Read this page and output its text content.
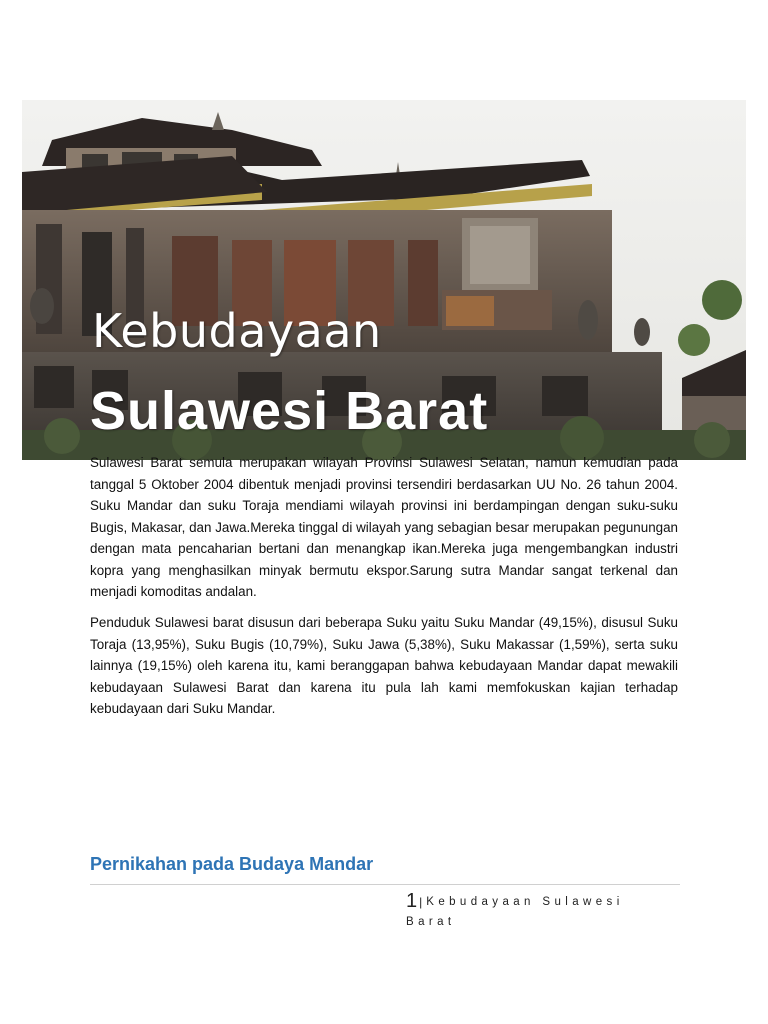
Kebudayaan
Sulawesi Barat

Sulawesi Barat semula merupakan wilayah Provinsi Sulawesi Selatan, namun kemudian pada tanggal 5 Oktober 2004 dibentuk menjadi provinsi tersendiri berdasarkan UU No. 26 tahun 2004. Suku Mandar dan suku Toraja mendiami wilayah provinsi ini berdampingan dengan suku-suku Bugis, Makasar, dan Jawa.Mereka tinggal di wilayah yang sebagian besar merupakan pegunungan dengan mata pencaharian bertani dan menangkap ikan.Mereka juga mengembangkan industri kopra yang menghasilkan minyak bermutu ekspor.Sarung sutra Mandar sangat terkenal dan menjadi komoditas andalan.

Penduduk Sulawesi barat disusun dari beberapa Suku yaitu Suku Mandar (49,15%), disusul Suku Toraja (13,95%), Suku Bugis (10,79%), Suku Jawa (5,38%), Suku Makassar (1,59%), serta suku lainnya (19,15%) oleh karena itu, kami beranggapan bahwa kebudayaan Mandar dapat mewakili kebudayaan Sulawesi Barat dan karena itu pula lah kami memfokuskan kajian terhadap kebudayaan dari Suku Mandar.

Pernikahan pada Budaya Mandar
1 | Kebudayaan Sulawesi Barat
